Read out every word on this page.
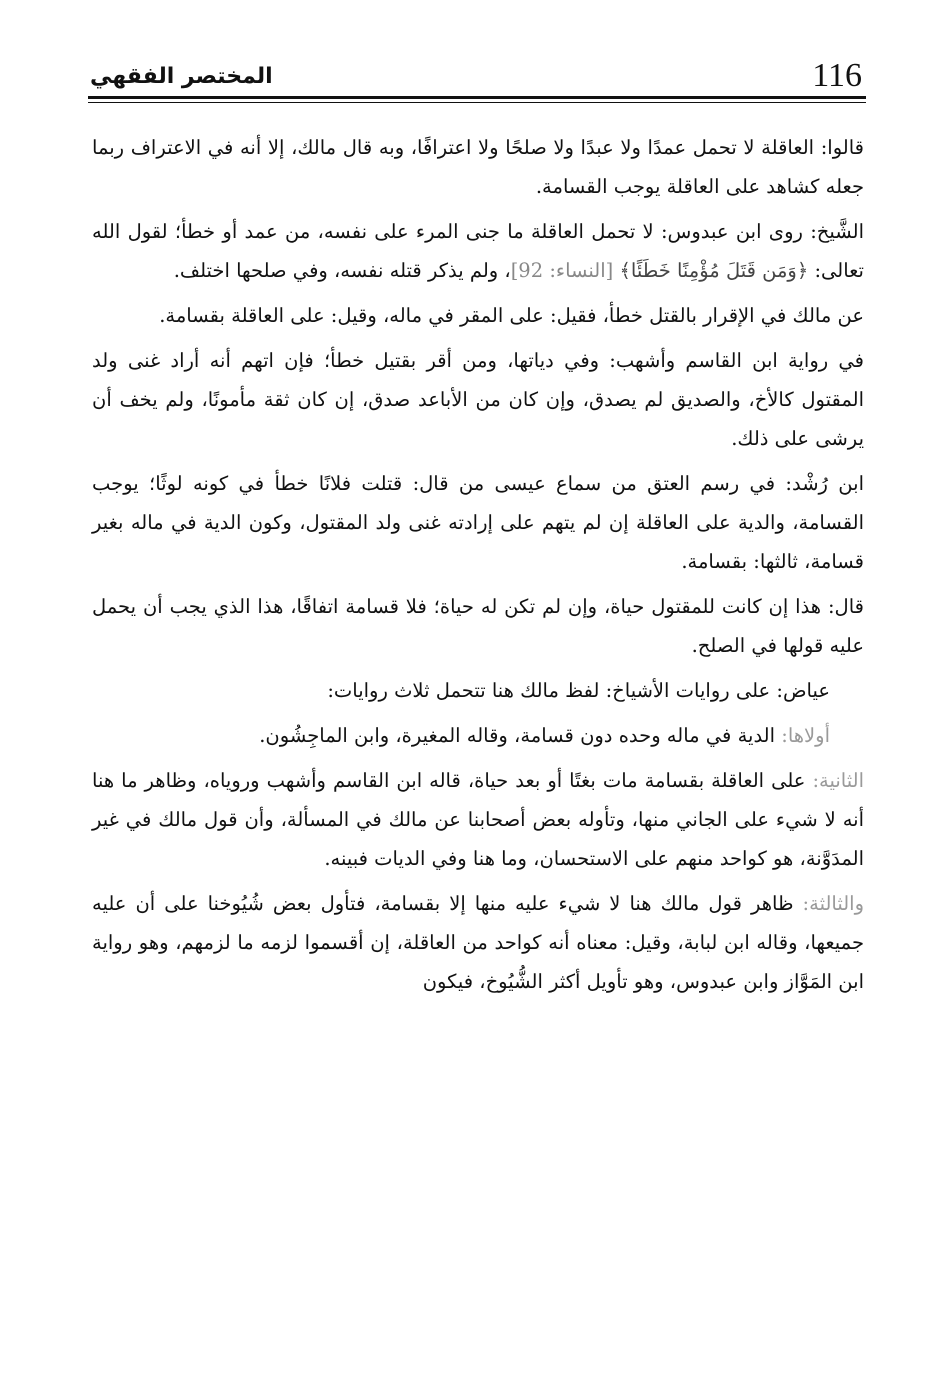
116
المختصر الفقهي

قالوا: العاقلة لا تحمل عمدًا ولا عبدًا ولا صلحًا ولا اعترافًا، وبه قال مالك، إلا أنه في الاعتراف ربما جعله كشاهد على العاقلة يوجب القسامة.

الشَّيخ: روى ابن عبدوس: لا تحمل العاقلة ما جنى المرء على نفسه، من عمد أو خطأ؛ لقول الله تعالى: ﴿وَمَن قَتَلَ مُؤْمِنًا خَطَئًا﴾ [النساء: 92]، ولم يذكر قتله نفسه، وفي صلحها اختلف.

عن مالك في الإقرار بالقتل خطأ، فقيل: على المقر في ماله، وقيل: على العاقلة بقسامة.

في رواية ابن القاسم وأشهب: وفي دياتها، ومن أقر بقتيل خطأ؛ فإن اتهم أنه أراد غنى ولد المقتول كالأخ، والصديق لم يصدق، وإن كان من الأباعد صدق، إن كان ثقة مأمونًا، ولم يخف أن يرشى على ذلك.

ابن رُشْد: في رسم العتق من سماع عيسى من قال: قتلت فلانًا خطأ في كونه لوثًا؛ يوجب القسامة، والدية على العاقلة إن لم يتهم على إرادته غنى ولد المقتول، وكون الدية في ماله بغير قسامة، ثالثها: بقسامة.

قال: هذا إن كانت للمقتول حياة، وإن لم تكن له حياة؛ فلا قسامة اتفاقًا، هذا الذي يجب أن يحمل عليه قولها في الصلح.

عياض: على روايات الأشياخ: لفظ مالك هنا تتحمل ثلاث روايات:

أولاها: الدية في ماله وحده دون قسامة، وقاله المغيرة، وابن الماجِشُون.

الثانية: على العاقلة بقسامة مات بغتًا أو بعد حياة، قاله ابن القاسم وأشهب وروياه، وظاهر ما هنا أنه لا شيء على الجاني منها، وتأوله بعض أصحابنا عن مالك في المسألة، وأن قول مالك في غير المدَوَّنة، هو كواحد منهم على الاستحسان، وما هنا وفي الديات فبينه.

والثالثة: ظاهر قول مالك هنا لا شيء عليه منها إلا بقسامة، فتأول بعض شُيُوخنا على أن عليه جميعها، وقاله ابن لبابة، وقيل: معناه أنه كواحد من العاقلة، إن أقسموا لزمه ما لزمهم، وهو رواية ابن المَوَّاز وابن عبدوس، وهو تأويل أكثر الشُّيُوخ، فيكون
